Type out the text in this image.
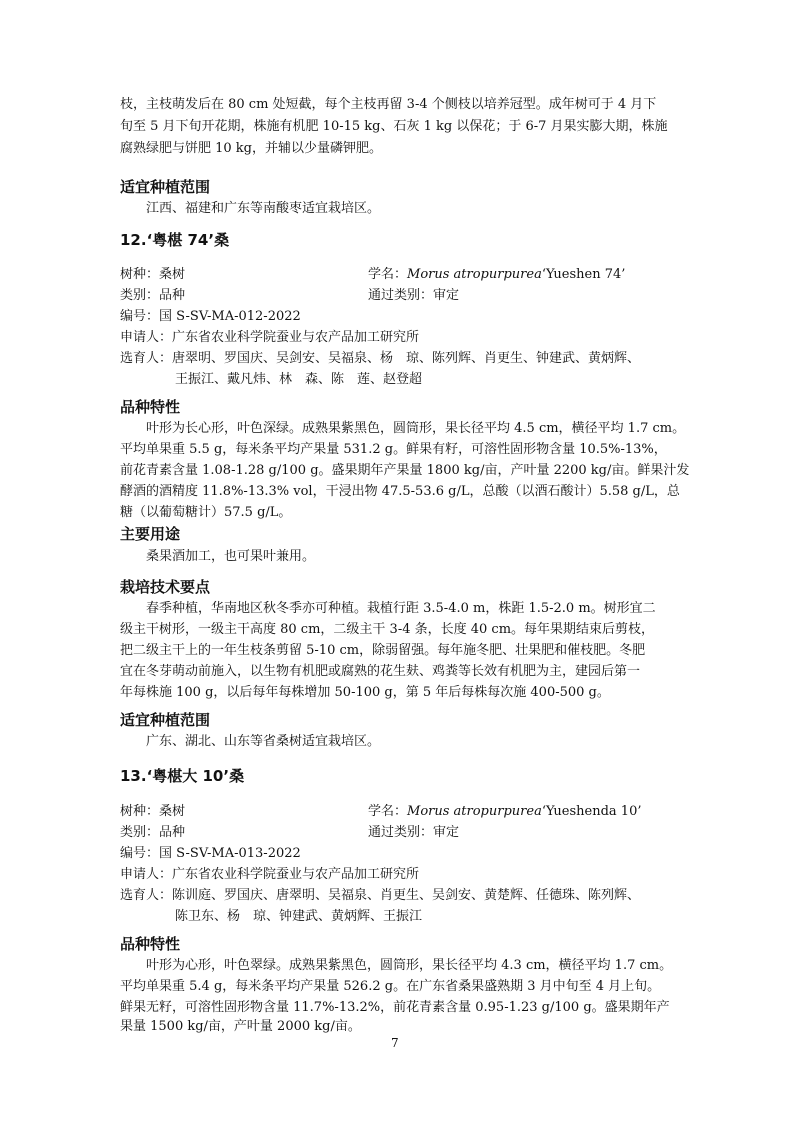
枝，主枝萌发后在 80 cm 处短截，每个主枝再留 3-4 个侧枝以培养冠型。成年树可于 4 月下

旬至 5 月下旬开花期，株施有机肥 10-15 kg、石灰 1 kg 以保花；于 6-7 月果实膨大期，株施

腐熟绿肥与饼肥 10 kg，并辅以少量磷钾肥。

适宜种植范围

江西、福建和广东等南酸枣适宜栽培区。

12.‘粤椹 74’桑

树种：桑树	学名：Morus atropurpurea‘Yueshen 74’

类别：品种	通过类别：审定

编号：国 S-SV-MA-012-2022

申请人：广东省农业科学院蚕业与农产品加工研究所

选育人：唐翠明、罗国庆、吴剑安、吴福泉、杨　琼、陈列辉、肖更生、钟建武、黄炳辉、

王振江、戴凡炜、林　森、陈　莲、赵登超

品种特性

叶形为长心形，叶色深绿。成熟果紫黑色，圆筒形，果长径平均 4.5 cm，横径平均 1.7 cm。

平均单果重 5.5 g，每米条平均产果量 531.2 g。鲜果有籽，可溶性固形物含量 10.5%-13%，

前花青素含量 1.08-1.28 g/100 g。盛果期年产果量 1800 kg/亩，产叶量 2200 kg/亩。鲜果汁发

酵酒的酒精度 11.8%-13.3% vol，干浸出物 47.5-53.6 g/L，总酸（以酒石酸计）5.58 g/L，总

糖（以葡萄糖计）57.5 g/L。

主要用途

桑果酒加工，也可果叶兼用。

栽培技术要点

春季种植，华南地区秋冬季亦可种植。栽植行距 3.5-4.0 m，株距 1.5-2.0 m。树形宜二

级主干树形，一级主干高度 80 cm，二级主干 3-4 条，长度 40 cm。每年果期结束后剪枝，

把二级主干上的一年生枝条剪留 5-10 cm，除弱留强。每年施冬肥、壮果肥和催枝肥。冬肥

宜在冬芽萌动前施入，以生物有机肥或腐熟的花生麸、鸡粪等长效有机肥为主，建园后第一

年每株施 100 g，以后每年每株增加 50-100 g，第 5 年后每株每次施 400-500 g。

适宜种植范围

广东、湖北、山东等省桑树适宜栽培区。

13.‘粤椹大 10’桑

树种：桑树	学名：Morus atropurpurea‘Yueshenda 10’

类别：品种	通过类别：审定

编号：国 S-SV-MA-013-2022

申请人：广东省农业科学院蚕业与农产品加工研究所

选育人：陈训庭、罗国庆、唐翠明、吴福泉、肖更生、吴剑安、黄楚辉、任德珠、陈列辉、

陈卫东、杨　琼、钟建武、黄炳辉、王振江

品种特性

叶形为心形，叶色翠绿。成熟果紫黑色，圆筒形，果长径平均 4.3 cm，横径平均 1.7 cm。

平均单果重 5.4 g，每米条平均产果量 526.2 g。在广东省桑果盛熟期 3 月中旬至 4 月上旬。

鲜果无籽，可溶性固形物含量 11.7%-13.2%，前花青素含量 0.95-1.23 g/100 g。盛果期年产

果量 1500 kg/亩，产叶量 2000 kg/亩。

7
